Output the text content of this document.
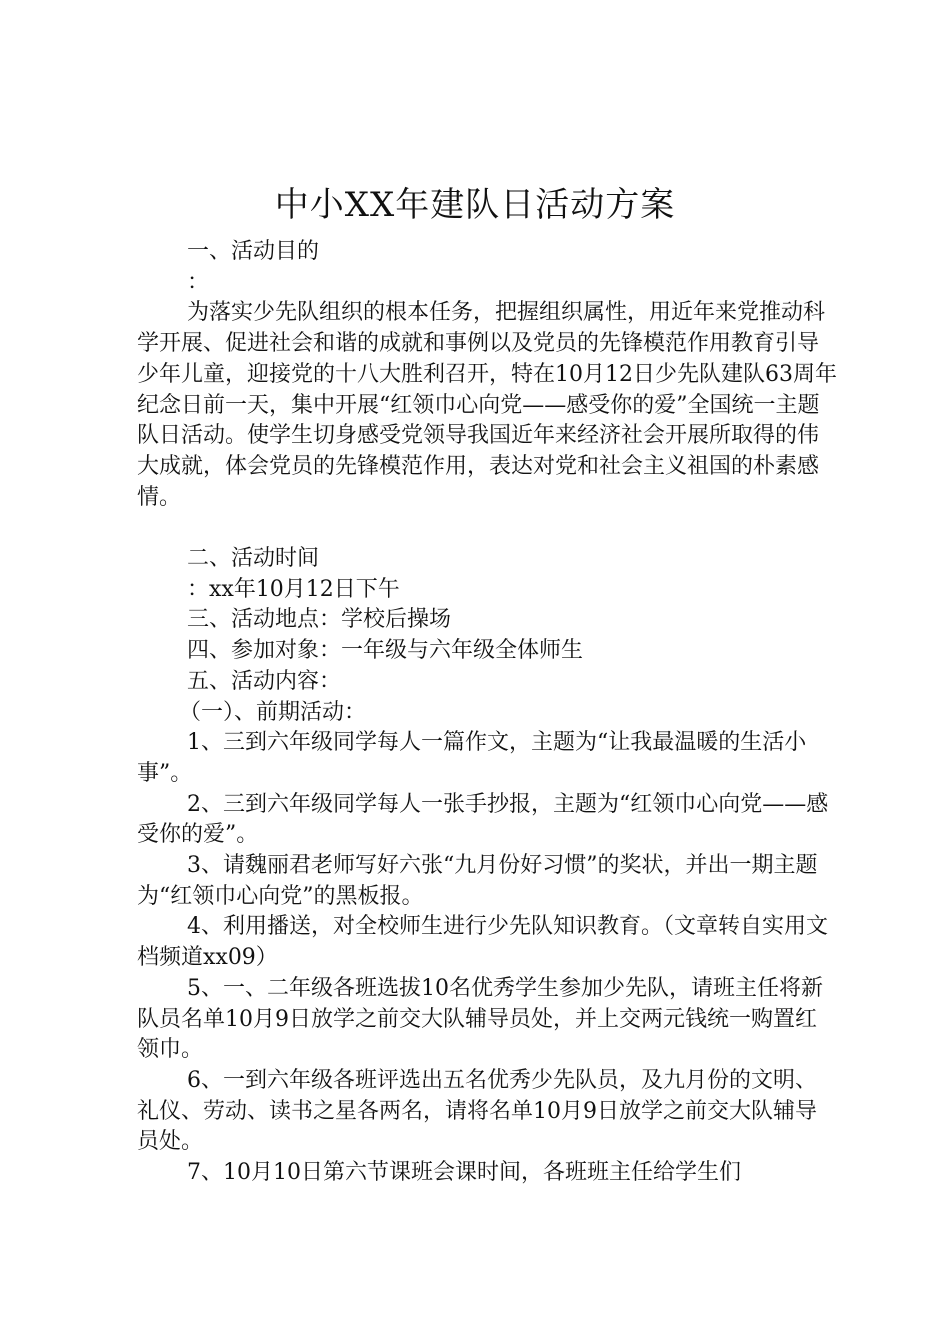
中小XX年建队日活动方案

一、活动目的

：

为落实少先队组织的根本任务，把握组织属性，用近年来党推动科学开展、促进社会和谐的成就和事例以及党员的先锋模范作用教育引导少年儿童，迎接党的十八大胜利召开，特在10月12日少先队建队63周年纪念日前一天，集中开展“红领巾心向党——感受你的爱”全国统一主题队日活动。使学生切身感受党领导我国近年来经济社会开展所取得的伟大成就，体会党员的先锋模范作用，表达对党和社会主义祖国的朴素感情。

二、活动时间

：xx年10月12日下午

三、活动地点：学校后操场

四、参加对象：一年级与六年级全体师生

五、活动内容：

（一）、前期活动：

1、三到六年级同学每人一篇作文，主题为“让我最温暖的生活小事”。

2、三到六年级同学每人一张手抄报，主题为“红领巾心向党——感受你的爱”。

3、请魏丽君老师写好六张“九月份好习惯”的奖状，并出一期主题为“红领巾心向党”的黑板报。

4、利用播送，对全校师生进行少先队知识教育。（文章转自实用文档频道xx09）

5、一、二年级各班选拔10名优秀学生参加少先队，请班主任将新队员名单10月9日放学之前交大队辅导员处，并上交两元钱统一购置红领巾。

6、一到六年级各班评选出五名优秀少先队员，及九月份的文明、礼仪、劳动、读书之星各两名，请将名单10月9日放学之前交大队辅导员处。

7、10月10日第六节课班会课时间，各班班主任给学生们
